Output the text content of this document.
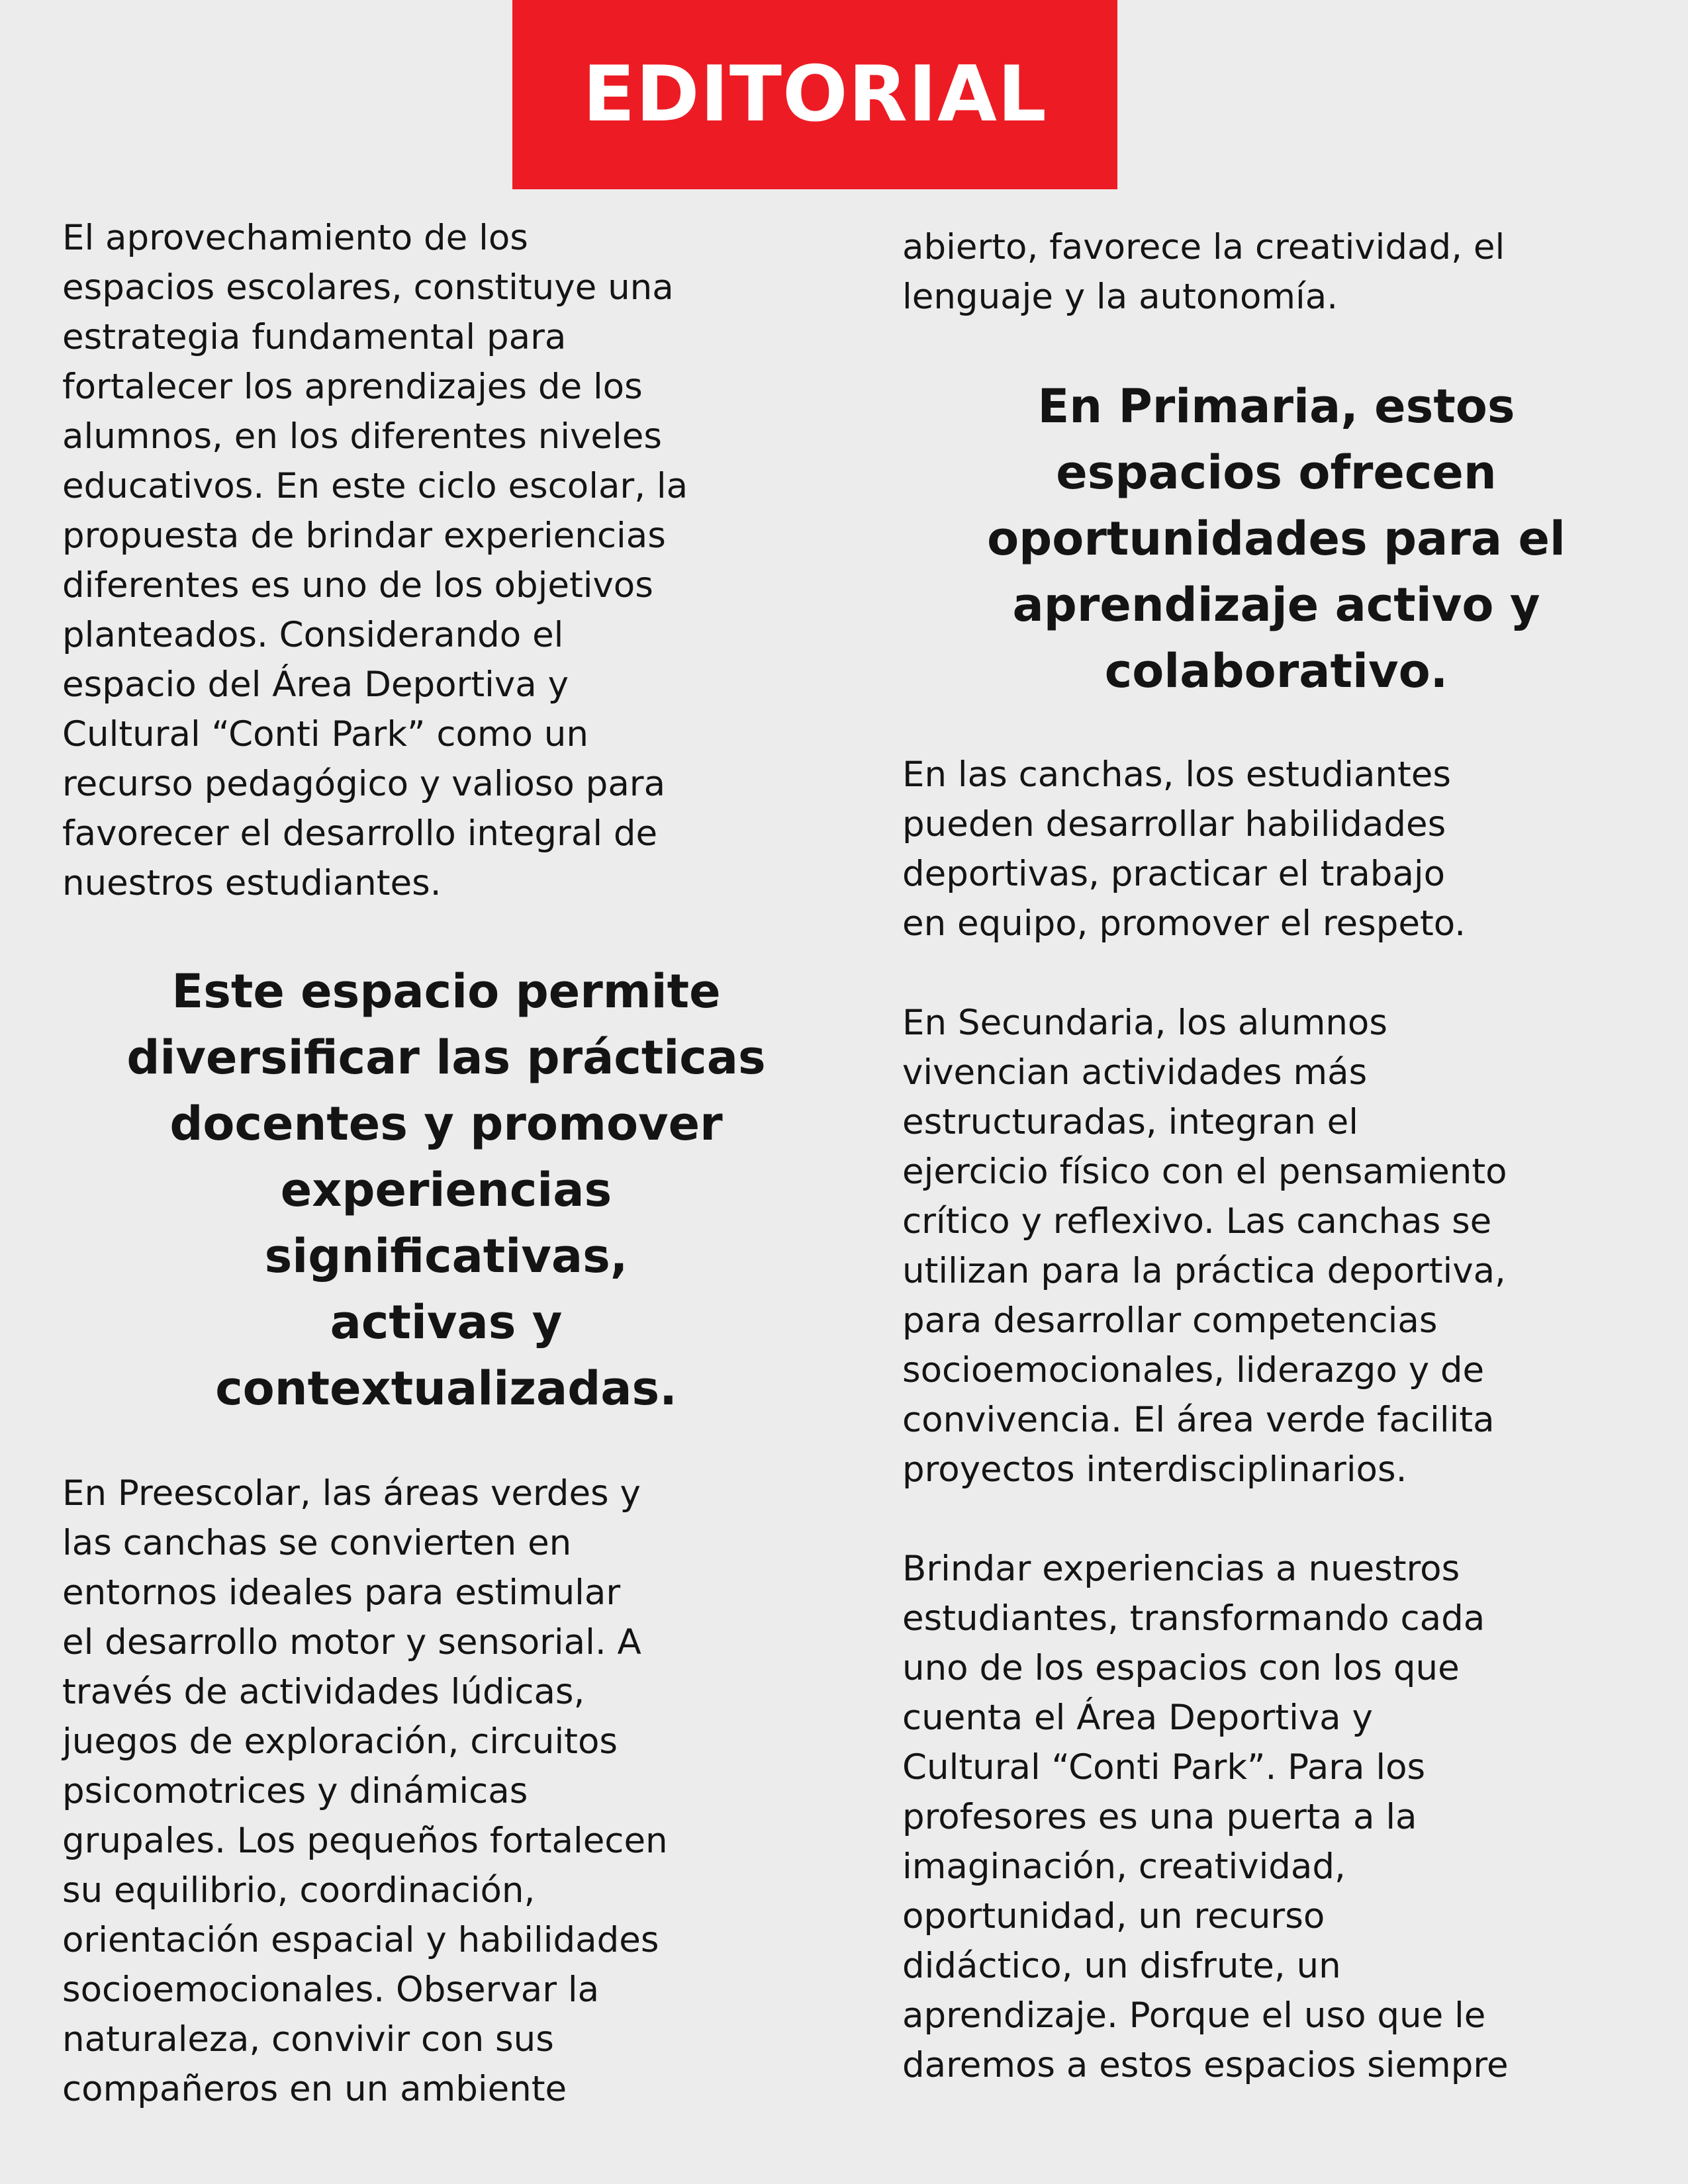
EDITORIAL

El aprovechamiento de los
espacios escolares, constituye una
estrategia fundamental para
fortalecer los aprendizajes de los
alumnos, en los diferentes niveles
educativos. En este ciclo escolar, la
propuesta de brindar experiencias
diferentes es uno de los objetivos
planteados. Considerando el
espacio del Área Deportiva y
Cultural “Conti Park” como un
recurso pedagógico y valioso para
favorecer el desarrollo integral de
nuestros estudiantes.

Este espacio permite
diversificar las prácticas
docentes y promover
experiencias
significativas,
activas y
contextualizadas.

En Preescolar, las áreas verdes y
las canchas se convierten en
entornos ideales para estimular
el desarrollo motor y sensorial. A
través de actividades lúdicas,
juegos de exploración, circuitos
psicomotrices y dinámicas
grupales. Los pequeños fortalecen
su equilibrio, coordinación,
orientación espacial y habilidades
socioemocionales. Observar la
naturaleza, convivir con sus
compañeros en un ambiente

abierto, favorece la creatividad, el
lenguaje y la autonomía.

En Primaria, estos
espacios ofrecen
oportunidades para el
aprendizaje activo y
colaborativo.

En las canchas, los estudiantes
pueden desarrollar habilidades
deportivas, practicar el trabajo
en equipo, promover el respeto.

En Secundaria, los alumnos
vivencian actividades más
estructuradas, integran el
ejercicio físico con el pensamiento
crítico y reflexivo. Las canchas se
utilizan para la práctica deportiva,
para desarrollar competencias
socioemocionales, liderazgo y de
convivencia. El área verde facilita
proyectos interdisciplinarios.

Brindar experiencias a nuestros
estudiantes, transformando cada
uno de los espacios con los que
cuenta el Área Deportiva y
Cultural “Conti Park”. Para los
profesores es una puerta a la
imaginación, creatividad,
oportunidad, un recurso
didáctico, un disfrute, un
aprendizaje. Porque el uso que le
daremos a estos espacios siempre
